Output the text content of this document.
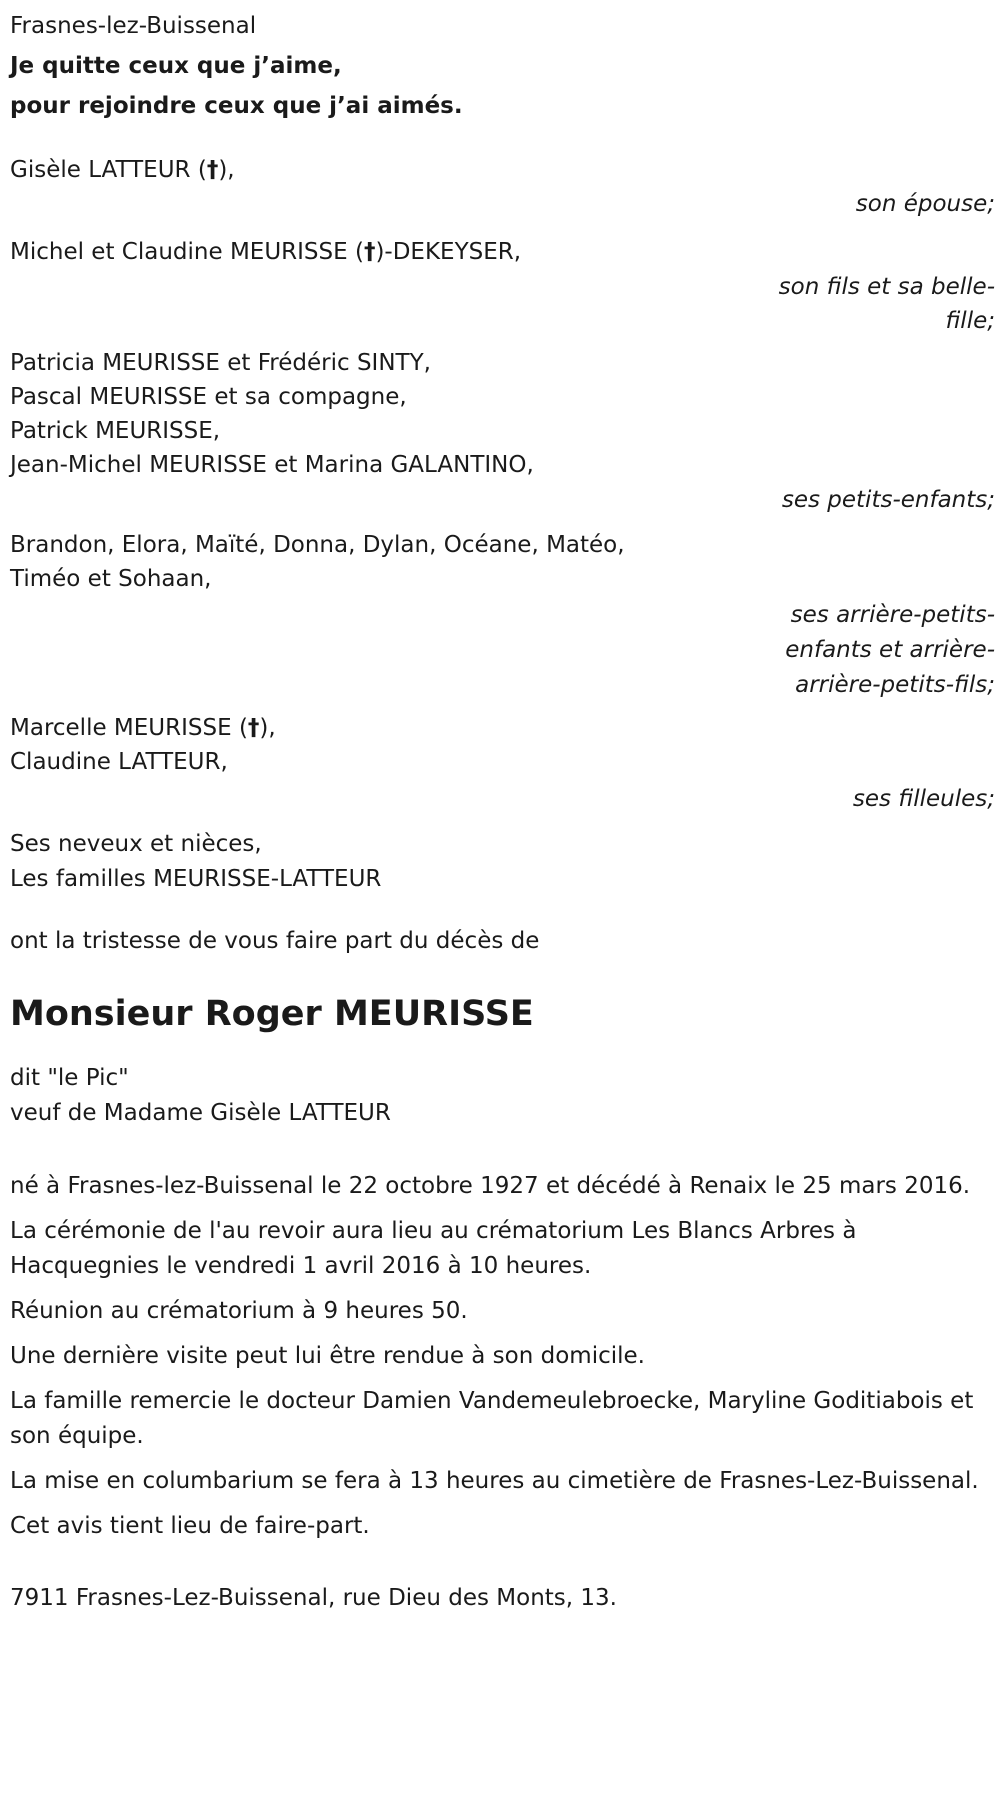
Frasnes-lez-Buissenal

Je quitte ceux que j’aime,

pour rejoindre ceux que j’ai aimés.

Gisèle LATTEUR (†),

son épouse;

Michel et Claudine MEURISSE (†)-DEKEYSER,

son fils et sa belle-
fille;
Patricia MEURISSE et Frédéric SINTY,
Pascal MEURISSE et sa compagne,
Patrick MEURISSE,
Jean-Michel MEURISSE et Marina GALANTINO,

ses petits-enfants;

Brandon, Elora, Maïté, Donna, Dylan, Océane, Matéo,
Timéo et Sohaan,
ses arrière-petits-
enfants et arrière-
arrière-petits-fils;
Marcelle MEURISSE (†),
Claudine LATTEUR,

ses filleules;

Ses neveux et nièces,
Les familles MEURISSE-LATTEUR

ont la tristesse de vous faire part du décès de

Monsieur Roger MEURISSE

dit "le Pic"
veuf de Madame Gisèle LATTEUR

né à Frasnes-lez-Buissenal le 22 octobre 1927 et décédé à Renaix le 25 mars 2016.

La cérémonie de l'au revoir aura lieu au crématorium Les Blancs Arbres à Hacquegnies le vendredi 1 avril 2016 à 10 heures.

Réunion au crématorium à 9 heures 50.

Une dernière visite peut lui être rendue à son domicile.

La famille remercie le docteur Damien Vandemeulebroecke, Maryline Goditiabois et son équipe.

La mise en columbarium se fera à 13 heures au cimetière de Frasnes-Lez-Buissenal.

Cet avis tient lieu de faire-part.

7911 Frasnes-Lez-Buissenal, rue Dieu des Monts, 13.
